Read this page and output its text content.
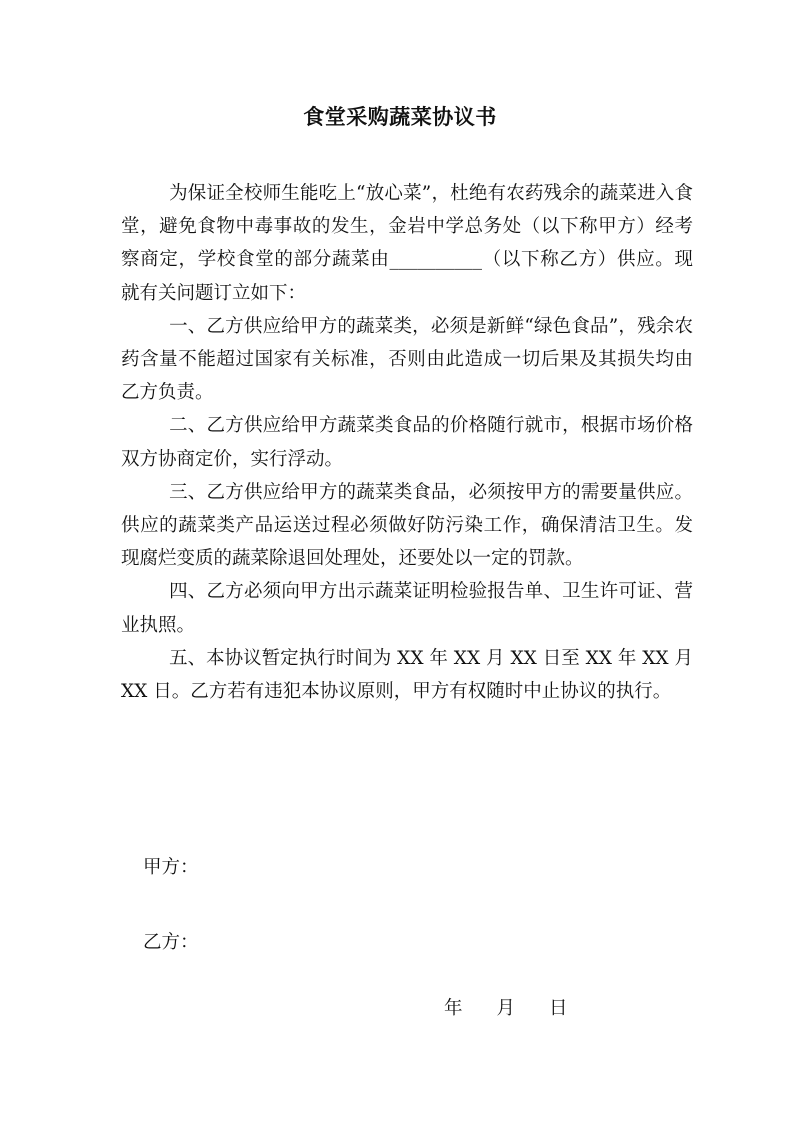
食堂采购蔬菜协议书

为保证全校师生能吃上“放心菜”，杜绝有农药残余的蔬菜进入食堂，避免食物中毒事故的发生，金岩中学总务处（以下称甲方）经考察商定，学校食堂的部分蔬菜由__________（以下称乙方）供应。现就有关问题订立如下：

一、乙方供应给甲方的蔬菜类，必须是新鲜“绿色食品”，残余农药含量不能超过国家有关标准，否则由此造成一切后果及其损失均由乙方负责。

二、乙方供应给甲方蔬菜类食品的价格随行就市，根据市场价格双方协商定价，实行浮动。

三、乙方供应给甲方的蔬菜类食品，必须按甲方的需要量供应。供应的蔬菜类产品运送过程必须做好防污染工作，确保清洁卫生。发现腐烂变质的蔬菜除退回处理处，还要处以一定的罚款。

四、乙方必须向甲方出示蔬菜证明检验报告单、卫生许可证、营业执照。

五、本协议暂定执行时间为 XX 年 XX 月 XX 日至 XX 年 XX 月 XX 日。乙方若有违犯本协议原则，甲方有权随时中止协议的执行。

甲方：
乙方：
年 月 日
